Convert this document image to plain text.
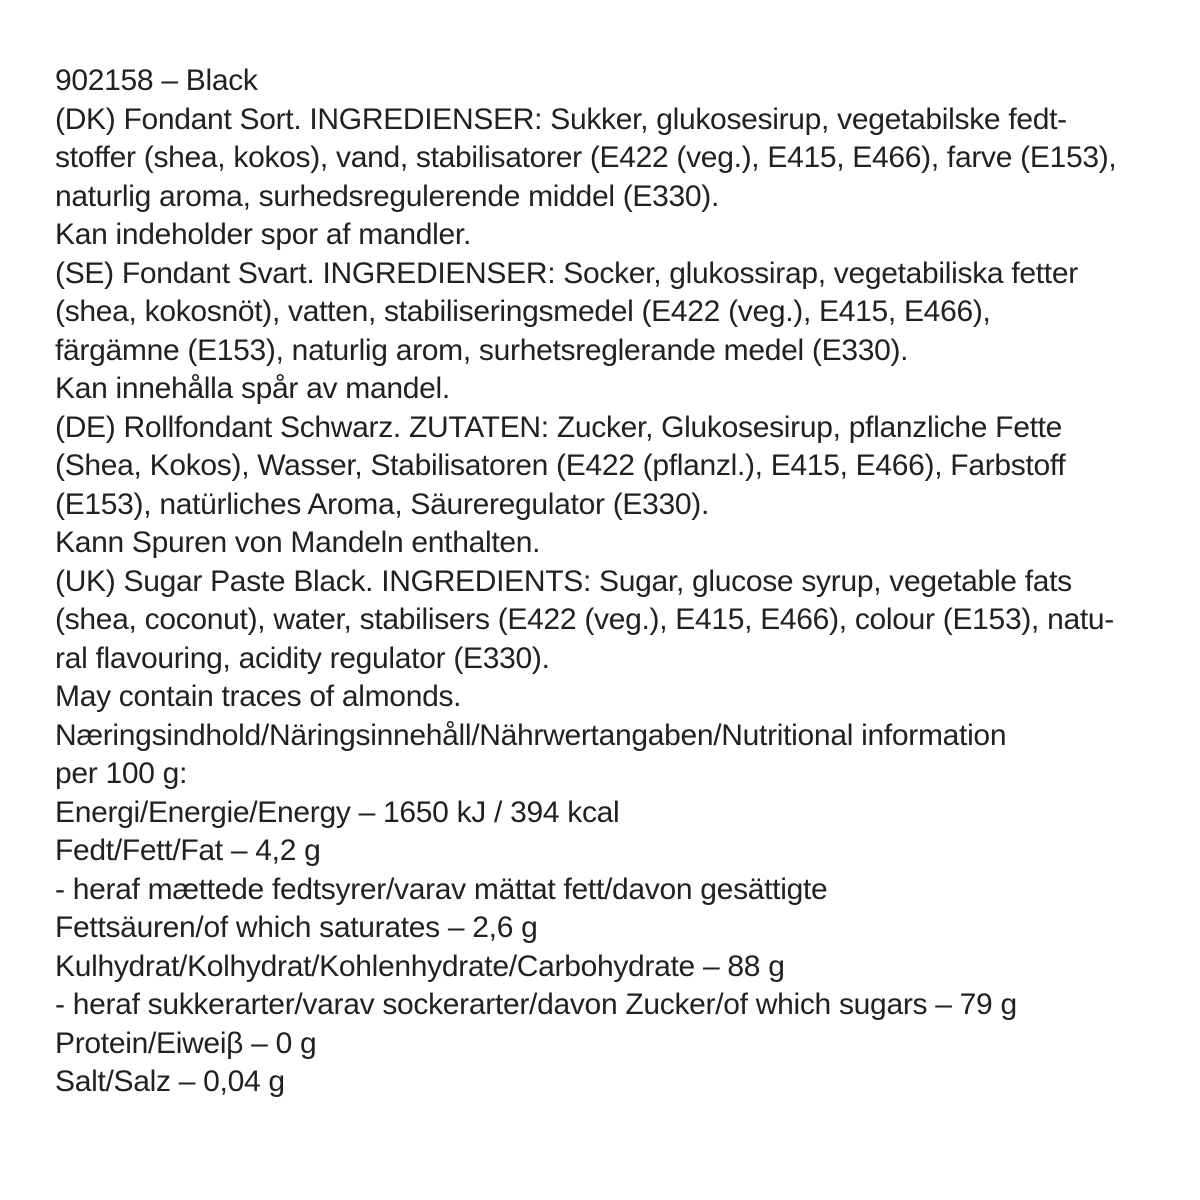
902158 – Black
(DK) Fondant Sort. INGREDIENSER: Sukker, glukosesirup, vegetabilske fedt-
stoffer (shea, kokos), vand, stabilisatorer (E422 (veg.), E415, E466), farve (E153),
naturlig aroma, surhedsregulerende middel (E330).
Kan indeholder spor af mandler.
(SE) Fondant Svart. INGREDIENSER: Socker, glukossirap, vegetabiliska fetter
(shea, kokosnöt), vatten, stabiliseringsmedel (E422 (veg.), E415, E466),
färgämne (E153), naturlig arom, surhetsreglerande medel (E330).
Kan innehålla spår av mandel.
(DE) Rollfondant Schwarz. ZUTATEN: Zucker, Glukosesirup, pflanzliche Fette
(Shea, Kokos), Wasser, Stabilisatoren (E422 (pflanzl.), E415, E466), Farbstoff
(E153), natürliches Aroma, Säureregulator (E330).
Kann Spuren von Mandeln enthalten.
(UK) Sugar Paste Black. INGREDIENTS: Sugar, glucose syrup, vegetable fats
(shea, coconut), water, stabilisers (E422 (veg.), E415, E466), colour (E153), natu-
ral flavouring, acidity regulator (E330).
May contain traces of almonds.
Næringsindhold/Näringsinnehåll/Nährwertangaben/Nutritional information
per 100 g:
Energi/Energie/Energy – 1650 kJ / 394 kcal
Fedt/Fett/Fat – 4,2 g
- heraf mættede fedtsyrer/varav mättat fett/davon gesättigte
Fettsäuren/of which saturates – 2,6 g
Kulhydrat/Kolhydrat/Kohlenhydrate/Carbohydrate – 88 g
- heraf sukkerarter/varav sockerarter/davon Zucker/of which sugars – 79 g
Protein/Eiweiβ – 0 g
Salt/Salz – 0,04 g
